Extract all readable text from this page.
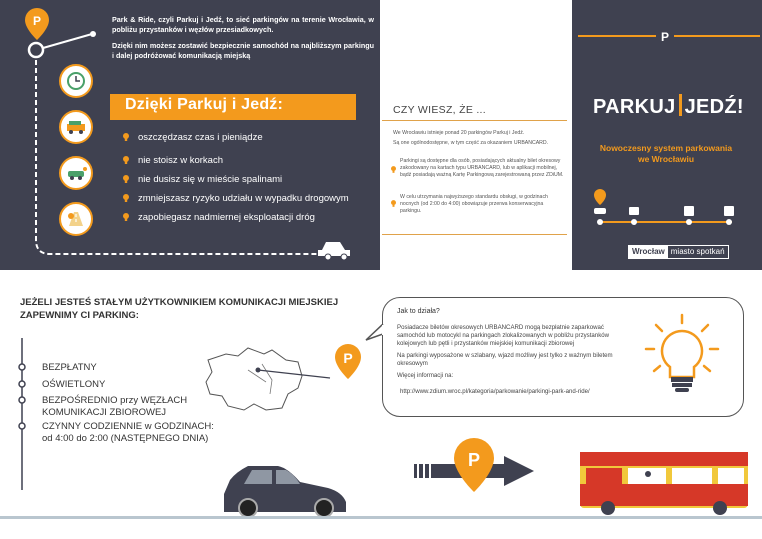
P	Park & Ride, czyli Parkuj i Jedź, to sieć parkingów na terenie Wrocławia, w pobliżu przystanków i węzłów przesiadkowych.

Dzięki nim możesz zostawić bezpiecznie samochód na najbliższym parkingu i dalej podróżować komunikacją miejską

Dzięki Parkuj i Jedź:
oszczędzasz czas i pieniądze
nie stoisz w korkach
nie dusisz się w mieście spalinami
zmniejszasz ryzyko udziału w wypadku drogowym
zapobiegasz nadmiernej eksploatacji dróg
CZY WIESZ, ŻE ...
We Wrocławiu istnieje ponad 20 parkingów Parkuj i Jedź.
Są one ogólnodostępne, w tym część za okazaniem URBANCARD.
Parkingi są dostępne dla osób, posiadających aktualny bilet okresowy zakodowany na kartach typu URBANCARD, lub w aplikacji mobilnej, bądź posiadają ważną Kartę Parkingową zarejestrowaną przez ZDiUM.
W celu utrzymania najwyższego standardu obsługi, w godzinach nocnych (od 2:00 do 4:00) obowiązuje przerwa konserwacyjna parkingu.
P
PARKUJ JEDŹ!
Nowoczesny system parkowania
we Wrocławiu
Wrocław miasto spotkań
JEŻELI JESTEŚ STAŁYM UŻYTKOWNIKIEM KOMUNIKACJI MIEJSKIEJ
ZAPEWNIMY CI PARKING:
P
BEZPŁATNY
OŚWIETLONY
BEZPOŚREDNIO przy WĘZŁACH
KOMUNIKACJI ZBIOROWEJ
CZYNNY CODZIENNIE w GODZINACH:
od 4:00 do 2:00 (NASTĘPNEGO DNIA)
Jak to działa?
Posiadacze biletów okresowych URBANCARD mogą bezpłatnie zaparkować
samochód lub motocykl na parkingach zlokalizowanych w pobliżu przystanków
kolejowych lub pętli i przystanków miejskiej komunikacji zbiorowej
Na parkingi wyposażone w szlabany, wjazd możliwy jest tylko z ważnym biletem
okresowym
Więcej informacji na:
http://www.zdium.wroc.pl/kategoria/parkowanie/parkingi-park-and-ride/
P
